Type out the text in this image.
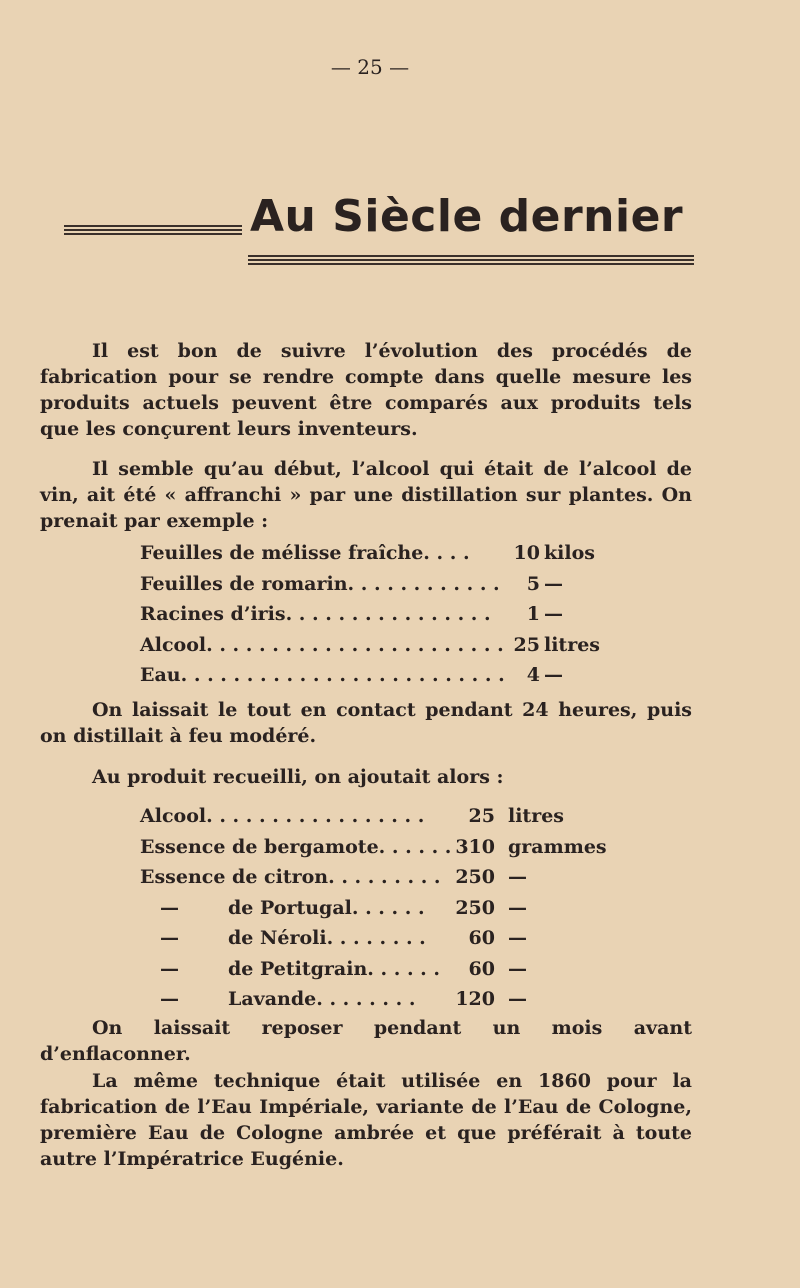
— 25 —
Au Siècle dernier
Il est bon de suivre l’évolution des procédés de fabrication pour se rendre compte dans quelle mesure les produits actuels peuvent être comparés aux produits tels que les conçurent leurs inventeurs.
Il semble qu’au début, l’alcool qui était de l’alcool de vin, ait été « affranchi » par une distillation sur plantes. On prenait par exemple :
Feuilles de mélisse fraîche. . . . 10 kilos
Feuilles de romarin. . . . . . . . . . . .	5 —
Racines d’iris. . . . . . . . . . . . . . . .	1 —
Alcool. . . . . . . . . . . . . . . . . . . . . . . 25 litres
Eau. . . . . . . . . . . . . . . . . . . . . . . . .	4 —
On laissait le tout en contact pendant 24 heures, puis on distillait à feu modéré.
Au produit recueilli, on ajoutait alors :
Alcool. . . . . . . . . . . . . . . . .	25 litres
Essence de bergamote. . . . . . 310 grammes
Essence de citron. . . . . . . . . 250 —
—	de Portugal. . . . . . 250 —
—	de Néroli. . . . . . . .	60 —
—	de Petitgrain. . . . . .	60 —
—	Lavande. . . . . . . . 120 —
On laissait reposer pendant un mois avant d’enflaconner.
La même technique était utilisée en 1860 pour la fabrication de l’Eau Impériale, variante de l’Eau de Cologne, première Eau de Cologne ambrée et que préférait à toute autre l’Impératrice Eugénie.
